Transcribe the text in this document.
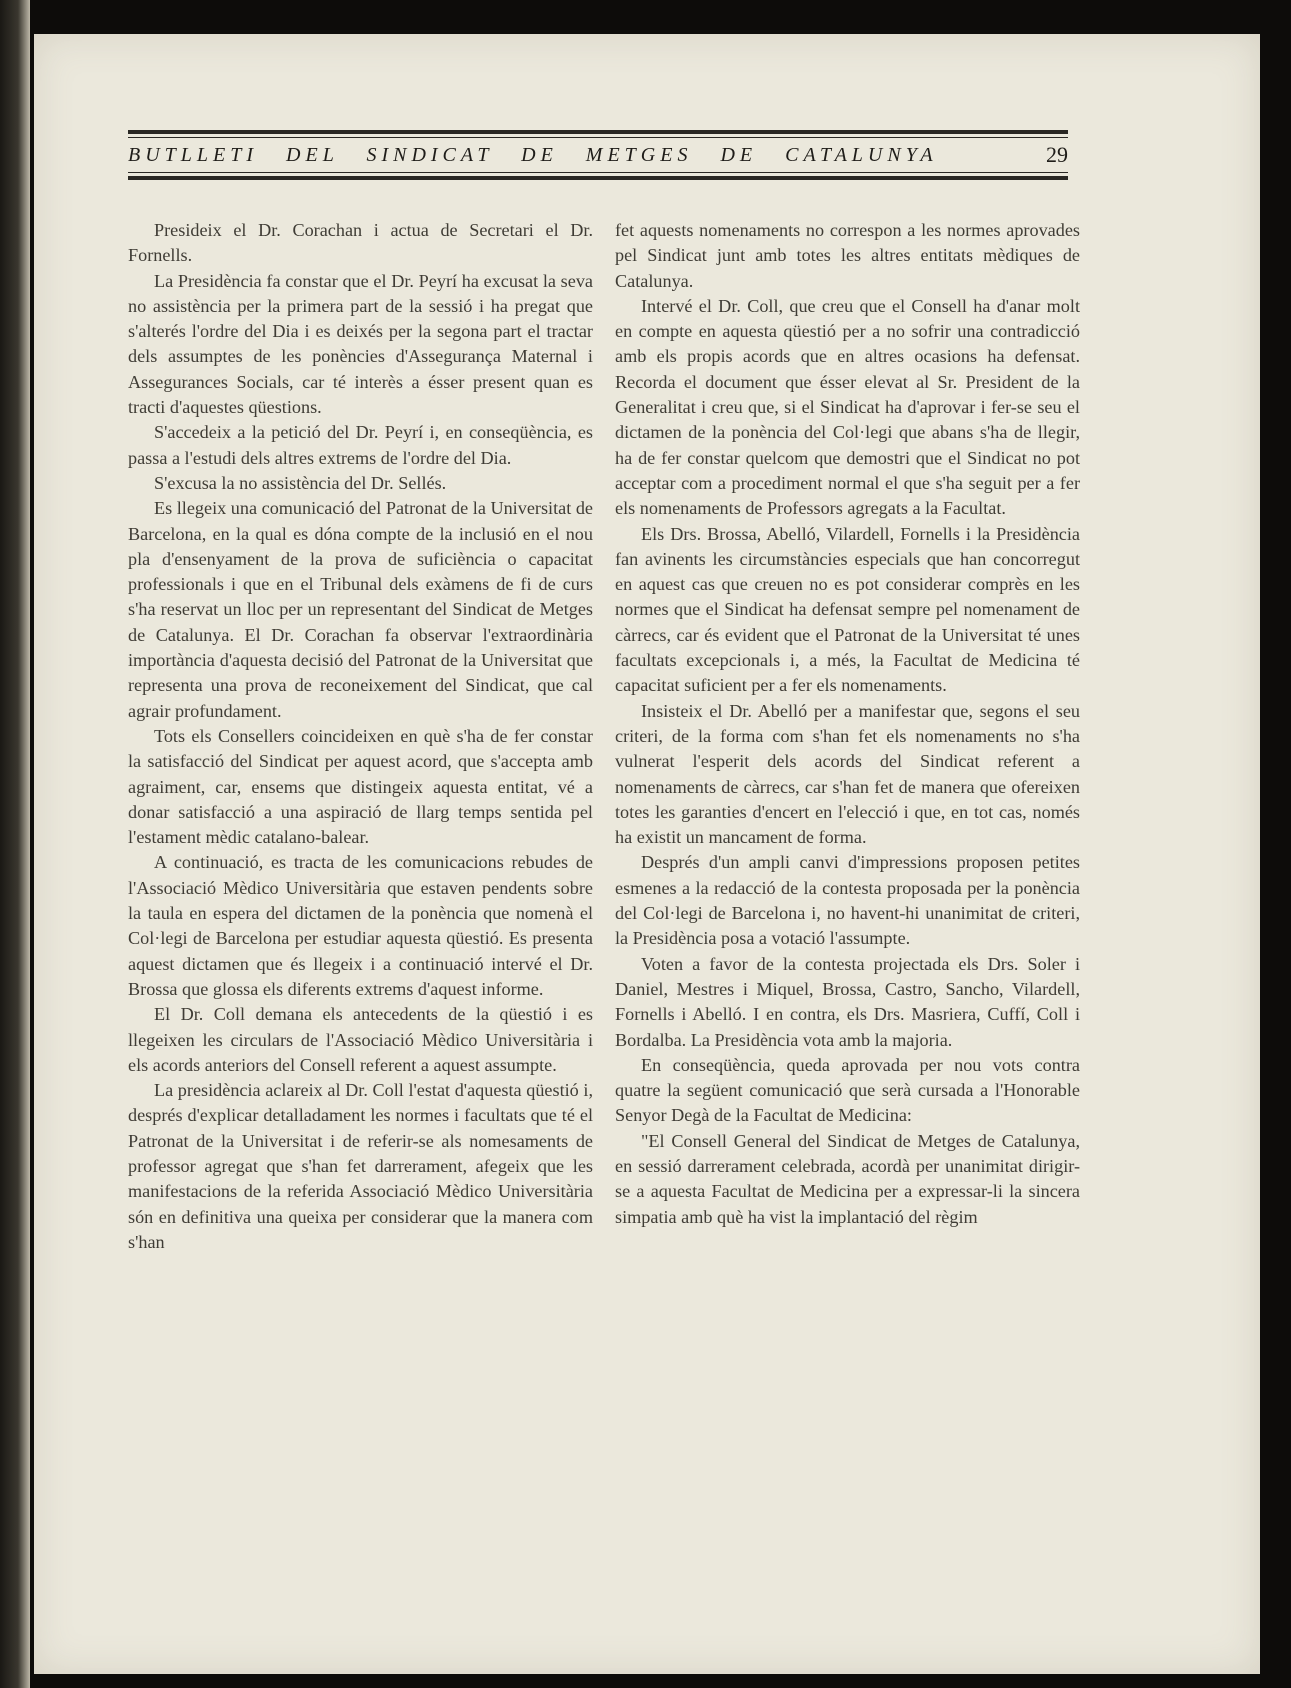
BUTLLETI DEL SINDICAT DE METGES DE CATALUNYA	29

Presideix el Dr. Corachan i actua de Secretari el Dr. Fornells.

La Presidència fa constar que el Dr. Peyrí ha excusat la seva no assistència per la primera part de la sessió i ha pregat que s'alterés l'ordre del Dia i es deixés per la segona part el tractar dels assumptes de les ponències d'Assegurança Maternal i Assegurances Socials, car té interès a ésser present quan es tracti d'aquestes qüestions.

S'accedeix a la petició del Dr. Peyrí i, en conseqüència, es passa a l'estudi dels altres extrems de l'ordre del Dia.

S'excusa la no assistència del Dr. Sellés.

Es llegeix una comunicació del Patronat de la Universitat de Barcelona, en la qual es dóna compte de la inclusió en el nou pla d'ensenyament de la prova de suficiència o capacitat professionals i que en el Tribunal dels exàmens de fi de curs s'ha reservat un lloc per un representant del Sindicat de Metges de Catalunya. El Dr. Corachan fa observar l'extraordinària importància d'aquesta decisió del Patronat de la Universitat que representa una prova de reconeixement del Sindicat, que cal agrair profundament.

Tots els Consellers coincideixen en què s'ha de fer constar la satisfacció del Sindicat per aquest acord, que s'accepta amb agraiment, car, ensems que distingeix aquesta entitat, vé a donar satisfacció a una aspiració de llarg temps sentida pel l'estament mèdic catalano-balear.

A continuació, es tracta de les comunicacions rebudes de l'Associació Mèdico Universitària que estaven pendents sobre la taula en espera del dictamen de la ponència que nomenà el Col·legi de Barcelona per estudiar aquesta qüestió. Es presenta aquest dictamen que és llegeix i a continuació intervé el Dr. Brossa que glossa els diferents extrems d'aquest informe.

El Dr. Coll demana els antecedents de la qüestió i es llegeixen les circulars de l'Associació Mèdico Universitària i els acords anteriors del Consell referent a aquest assumpte.

La presidència aclareix al Dr. Coll l'estat d'aquesta qüestió i, després d'explicar detalladament les normes i facultats que té el Patronat de la Universitat i de referir-se als nomesaments de professor agregat que s'han fet darrerament, afegeix que les manifestacions de la referida Associació Mèdico Universitària són en definitiva una queixa per considerar que la manera com s'han

fet aquests nomenaments no correspon a les normes aprovades pel Sindicat junt amb totes les altres entitats mèdiques de Catalunya.

Intervé el Dr. Coll, que creu que el Consell ha d'anar molt en compte en aquesta qüestió per a no sofrir una contradicció amb els propis acords que en altres ocasions ha defensat. Recorda el document que ésser elevat al Sr. President de la Generalitat i creu que, si el Sindicat ha d'aprovar i fer-se seu el dictamen de la ponència del Col·legi que abans s'ha de llegir, ha de fer constar quelcom que demostri que el Sindicat no pot acceptar com a procediment normal el que s'ha seguit per a fer els nomenaments de Professors agregats a la Facultat.

Els Drs. Brossa, Abelló, Vilardell, Fornells i la Presidència fan avinents les circumstàncies especials que han concorregut en aquest cas que creuen no es pot considerar comprès en les normes que el Sindicat ha defensat sempre pel nomenament de càrrecs, car és evident que el Patronat de la Universitat té unes facultats excepcionals i, a més, la Facultat de Medicina té capacitat suficient per a fer els nomenaments.

Insisteix el Dr. Abelló per a manifestar que, segons el seu criteri, de la forma com s'han fet els nomenaments no s'ha vulnerat l'esperit dels acords del Sindicat referent a nomenaments de càrrecs, car s'han fet de manera que ofereixen totes les garanties d'encert en l'elecció i que, en tot cas, només ha existit un mancament de forma.

Després d'un ampli canvi d'impressions proposen petites esmenes a la redacció de la contesta proposada per la ponència del Col·legi de Barcelona i, no havent-hi unanimitat de criteri, la Presidència posa a votació l'assumpte.

Voten a favor de la contesta projectada els Drs. Soler i Daniel, Mestres i Miquel, Brossa, Castro, Sancho, Vilardell, Fornells i Abelló. I en contra, els Drs. Masriera, Cuffí, Coll i Bordalba. La Presidència vota amb la majoria.

En conseqüència, queda aprovada per nou vots contra quatre la següent comunicació que serà cursada a l'Honorable Senyor Degà de la Facultat de Medicina:

"El Consell General del Sindicat de Metges de Catalunya, en sessió darrerament celebrada, acordà per unanimitat dirigir-se a aquesta Facultat de Medicina per a expressar-li la sincera simpatia amb què ha vist la implantació del règim
